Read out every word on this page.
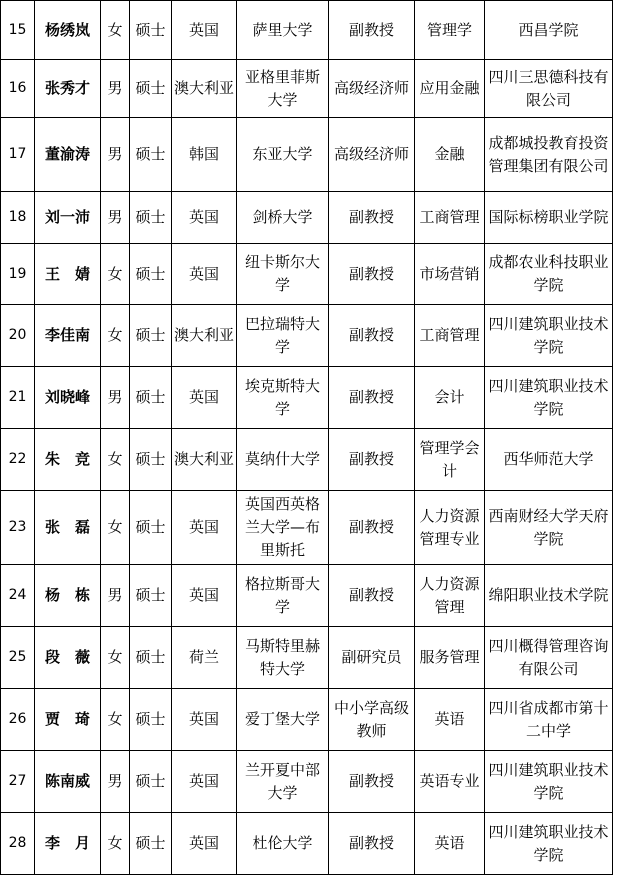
15	杨绣岚	女	硕士	英国	萨里大学	副教授	管理学	西昌学院
16	张秀才	男	硕士	澳大利亚	亚格里菲斯大学	高级经济师	应用金融	四川三思德科技有限公司
17	董渝涛	男	硕士	韩国	东亚大学	高级经济师	金融	成都城投教育投资管理集团有限公司
18	刘一沛	男	硕士	英国	剑桥大学	副教授	工商管理	国际标榜职业学院
19	王　婧	女	硕士	英国	纽卡斯尔大学	副教授	市场营销	成都农业科技职业学院
20	李佳南	女	硕士	澳大利亚	巴拉瑞特大学	副教授	工商管理	四川建筑职业技术学院
21	刘晓峰	男	硕士	英国	埃克斯特大学	副教授	会计	四川建筑职业技术学院
22	朱　竞	女	硕士	澳大利亚	莫纳什大学	副教授	管理学会计	西华师范大学
23	张　磊	女	硕士	英国	英国西英格兰大学—布里斯托	副教授	人力资源管理专业	西南财经大学天府学院
24	杨　栋	男	硕士	英国	格拉斯哥大学	副教授	人力资源管理	绵阳职业技术学院
25	段　薇	女	硕士	荷兰	马斯特里赫特大学	副研究员	服务管理	四川概得管理咨询有限公司
26	贾　琦	女	硕士	英国	爱丁堡大学	中小学高级教师	英语	四川省成都市第十二中学
27	陈南威	男	硕士	英国	兰开夏中部大学	副教授	英语专业	四川建筑职业技术学院
28	李　月	女	硕士	英国	杜伦大学	副教授	英语	四川建筑职业技术学院
